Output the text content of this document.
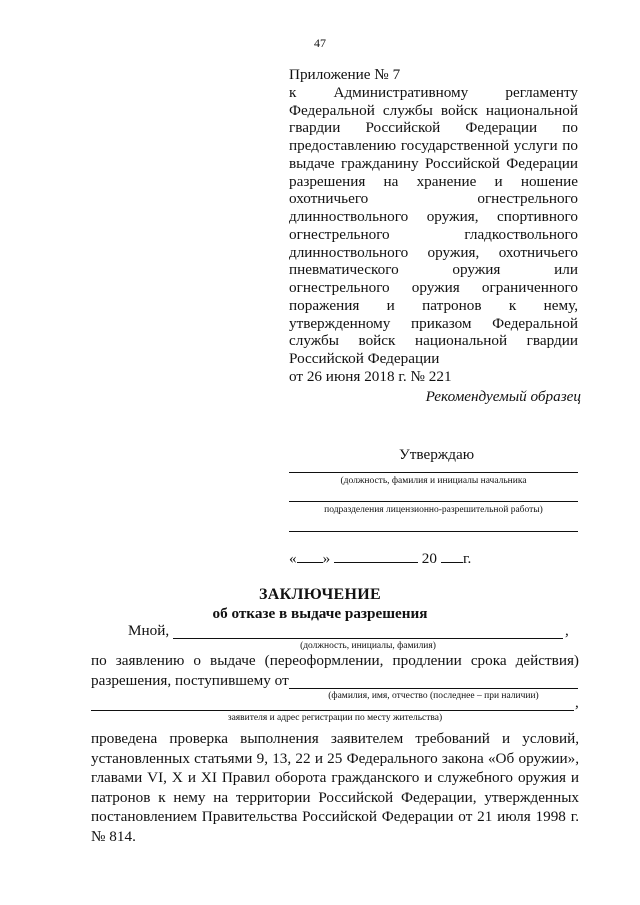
47
Приложение № 7
к Административному регламенту
Федеральной службы войск национальной
гвардии Российской Федерации по
предоставлению государственной услуги по
выдаче гражданину Российской Федерации
разрешения на хранение и ношение
охотничьего огнестрельного
длинноствольного оружия, спортивного
огнестрельного гладкоствольного
длинноствольного оружия, охотничьего
пневматического оружия или
огнестрельного оружия ограниченного
поражения и патронов к нему,
утвержденному приказом Федеральной
службы войск национальной гвардии
Российской Федерации
от 26 июня 2018 г. № 221
Рекомендуемый образец
Утверждаю
(должность, фамилия и инициалы начальника
подразделения лицензионно-разрешительной работы)
« »	20 г.
ЗАКЛЮЧЕНИЕ
об отказе в выдаче разрешения
Мной,	,
(должность, инициалы, фамилия)
по заявлению о выдаче (переоформлении, продлении срока действия)
разрешения, поступившему от
(фамилия, имя, отчество (последнее – при наличии)	,
заявителя и адрес регистрации по месту жительства)
проведена проверка выполнения заявителем требований и условий,
установленных статьями 9, 13, 22 и 25 Федерального закона «Об оружии»,
главами VI, X и XI Правил оборота гражданского и служебного оружия и
патронов к нему на территории Российской Федерации, утвержденных
постановлением Правительства Российской Федерации от 21 июля 1998 г.
№ 814.
